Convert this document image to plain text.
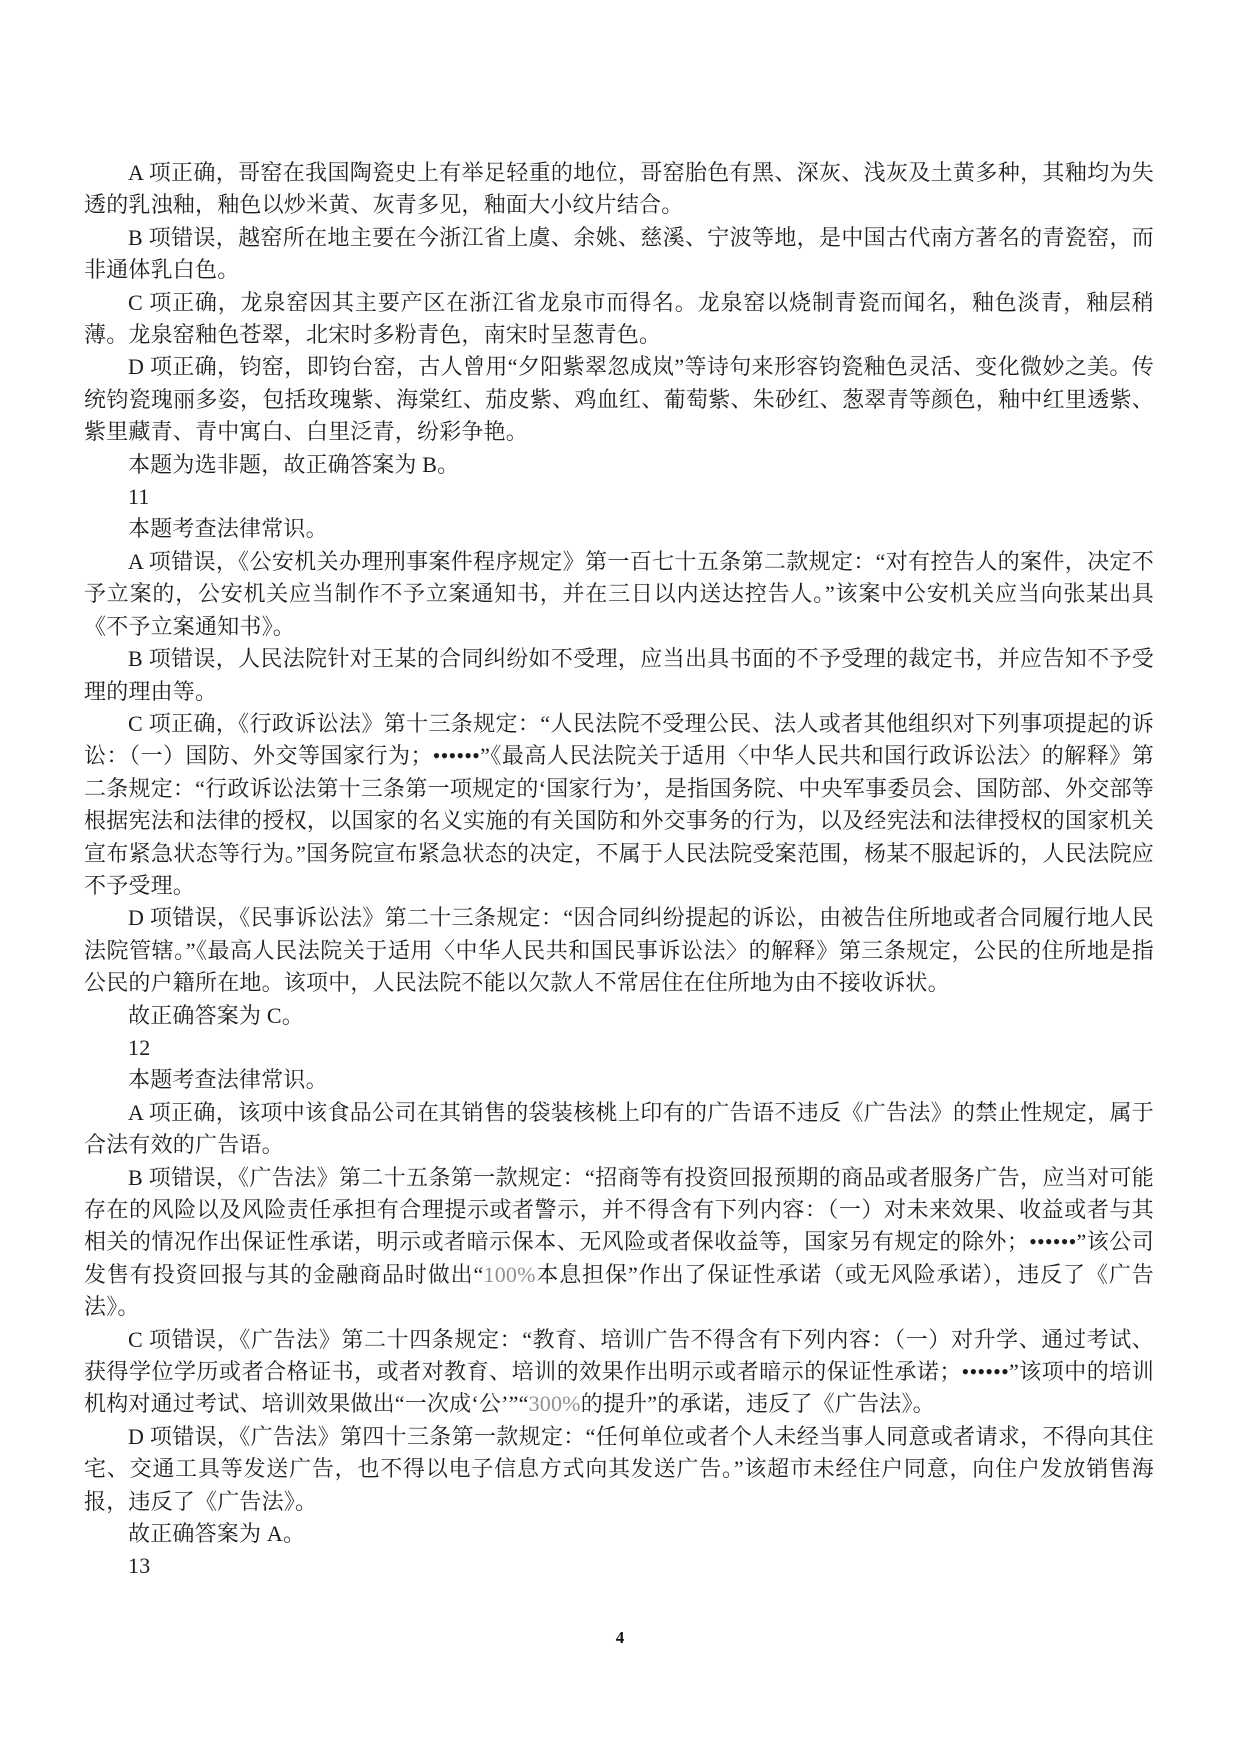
A 项正确，哥窑在我国陶瓷史上有举足轻重的地位，哥窑胎色有黑、深灰、浅灰及土黄多种，其釉均为失透的乳浊釉，釉色以炒米黄、灰青多见，釉面大小纹片结合。

B 项错误，越窑所在地主要在今浙江省上虞、余姚、慈溪、宁波等地，是中国古代南方著名的青瓷窑，而非通体乳白色。

C 项正确，龙泉窑因其主要产区在浙江省龙泉市而得名。龙泉窑以烧制青瓷而闻名，釉色淡青，釉层稍薄。龙泉窑釉色苍翠，北宋时多粉青色，南宋时呈葱青色。

D 项正确，钧窑，即钧台窑，古人曾用“夕阳紫翠忽成岚”等诗句来形容钧瓷釉色灵活、变化微妙之美。传统钧瓷瑰丽多姿，包括玫瑰紫、海棠红、茄皮紫、鸡血红、葡萄紫、朱砂红、葱翠青等颜色，釉中红里透紫、紫里藏青、青中寓白、白里泛青，纷彩争艳。

本题为选非题，故正确答案为 B。

11

本题考查法律常识。

A 项错误，《公安机关办理刑事案件程序规定》第一百七十五条第二款规定：“对有控告人的案件，决定不予立案的，公安机关应当制作不予立案通知书，并在三日以内送达控告人。”该案中公安机关应当向张某出具《不予立案通知书》。

B 项错误，人民法院针对王某的合同纠纷如不受理，应当出具书面的不予受理的裁定书，并应告知不予受理的理由等。

C 项正确，《行政诉讼法》第十三条规定：“人民法院不受理公民、法人或者其他组织对下列事项提起的诉讼：（一）国防、外交等国家行为；••••••”《最高人民法院关于适用〈中华人民共和国行政诉讼法〉的解释》第二条规定：“行政诉讼法第十三条第一项规定的‘国家行为’，是指国务院、中央军事委员会、国防部、外交部等根据宪法和法律的授权，以国家的名义实施的有关国防和外交事务的行为，以及经宪法和法律授权的国家机关宣布紧急状态等行为。”国务院宣布紧急状态的决定，不属于人民法院受案范围，杨某不服起诉的，人民法院应不予受理。

D 项错误，《民事诉讼法》第二十三条规定：“因合同纠纷提起的诉讼，由被告住所地或者合同履行地人民法院管辖。”《最高人民法院关于适用〈中华人民共和国民事诉讼法〉的解释》第三条规定，公民的住所地是指公民的户籍所在地。该项中，人民法院不能以欠款人不常居住在住所地为由不接收诉状。

故正确答案为 C。

12

本题考查法律常识。

A 项正确，该项中该食品公司在其销售的袋装核桃上印有的广告语不违反《广告法》的禁止性规定，属于合法有效的广告语。

B 项错误，《广告法》第二十五条第一款规定：“招商等有投资回报预期的商品或者服务广告，应当对可能存在的风险以及风险责任承担有合理提示或者警示，并不得含有下列内容：（一）对未来效果、收益或者与其相关的情况作出保证性承诺，明示或者暗示保本、无风险或者保收益等，国家另有规定的除外；••••••”该公司发售有投资回报与其的金融商品时做出“100%本息担保”作出了保证性承诺（或无风险承诺），违反了《广告法》。

C 项错误，《广告法》第二十四条规定：“教育、培训广告不得含有下列内容：（一）对升学、通过考试、获得学位学历或者合格证书，或者对教育、培训的效果作出明示或者暗示的保证性承诺；••••••”该项中的培训机构对通过考试、培训效果做出“一次成‘公’”“300%的提升”的承诺，违反了《广告法》。

D 项错误，《广告法》第四十三条第一款规定：“任何单位或者个人未经当事人同意或者请求，不得向其住宅、交通工具等发送广告，也不得以电子信息方式向其发送广告。”该超市未经住户同意，向住户发放销售海报，违反了《广告法》。

故正确答案为 A。

13

4
